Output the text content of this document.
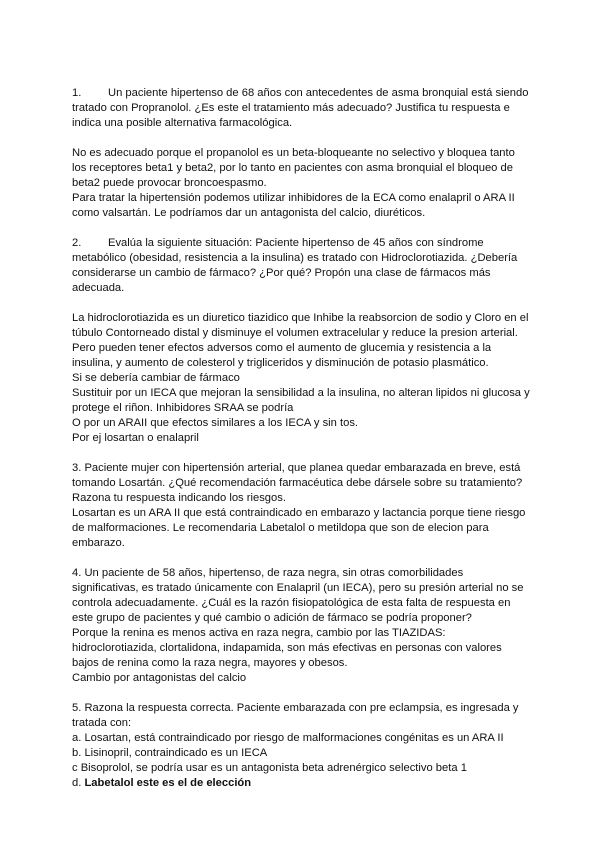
1. Un paciente hipertenso de 68 años con antecedentes de asma bronquial está siendo
tratado con Propranolol. ¿Es este el tratamiento más adecuado? Justifica tu respuesta e
indica una posible alternativa farmacológica.
No es adecuado porque el propanolol es un beta-bloqueante no selectivo y bloquea tanto
los receptores beta1 y beta2, por lo tanto en pacientes con asma bronquial el bloqueo de
beta2 puede provocar broncoespasmo.
Para tratar la hipertensión podemos utilizar inhibidores de la ECA como enalapril o ARA II
como valsartán. Le podríamos dar un antagonista del calcio, diuréticos.
2. Evalúa la siguiente situación: Paciente hipertenso de 45 años con síndrome
metabólico (obesidad, resistencia a la insulina) es tratado con Hidroclorotiazida. ¿Debería
considerarse un cambio de fármaco? ¿Por qué? Propón una clase de fármacos más
adecuada.
La hidroclorotiazida es un diuretico tiazidico que Inhibe la reabsorcion de sodio y Cloro en el
túbulo Contorneado distal y disminuye el volumen extracelular y reduce la presion arterial.
Pero pueden tener efectos adversos como el aumento de glucemia y resistencia a la
insulina, y aumento de colesterol y trigliceridos y disminución de potasio plasmático.
Si se debería cambiar de fármaco
Sustituir por un IECA que mejoran la sensibilidad a la insulina, no alteran lipidos ni glucosa y
protege el riñon. Inhibidores SRAA se podría
O por un ARAII que efectos similares a los IECA y sin tos.
Por ej losartan o enalapril
3. Paciente mujer con hipertensión arterial, que planea quedar embarazada en breve, está
tomando Losartán. ¿Qué recomendación farmacéutica debe dársele sobre su tratamiento?
Razona tu respuesta indicando los riesgos.
Losartan es un ARA II que está contraindicado en embarazo y lactancia porque tiene riesgo
de malformaciones. Le recomendaria Labetalol o metildopa que son de elecion para
embarazo.
4. Un paciente de 58 años, hipertenso, de raza negra, sin otras comorbilidades
significativas, es tratado únicamente con Enalapril (un IECA), pero su presión arterial no se
controla adecuadamente. ¿Cuál es la razón fisiopatológica de esta falta de respuesta en
este grupo de pacientes y qué cambio o adición de fármaco se podría proponer?
Porque la renina es menos activa en raza negra, cambio por las TIAZIDAS:
hidroclorotiazida, clortalidona, indapamida, son más efectivas en personas con valores
bajos de renina como la raza negra, mayores y obesos.
Cambio por antagonistas del calcio
5. Razona la respuesta correcta. Paciente embarazada con pre eclampsia, es ingresada y
tratada con:
a. Losartan, está contraindicado por riesgo de malformaciones congénitas es un ARA II
b. Lisinopril, contraindicado es un IECA
c Bisoprolol, se podría usar es un antagonista beta adrenérgico selectivo beta 1
d. Labetalol este es el de elección
